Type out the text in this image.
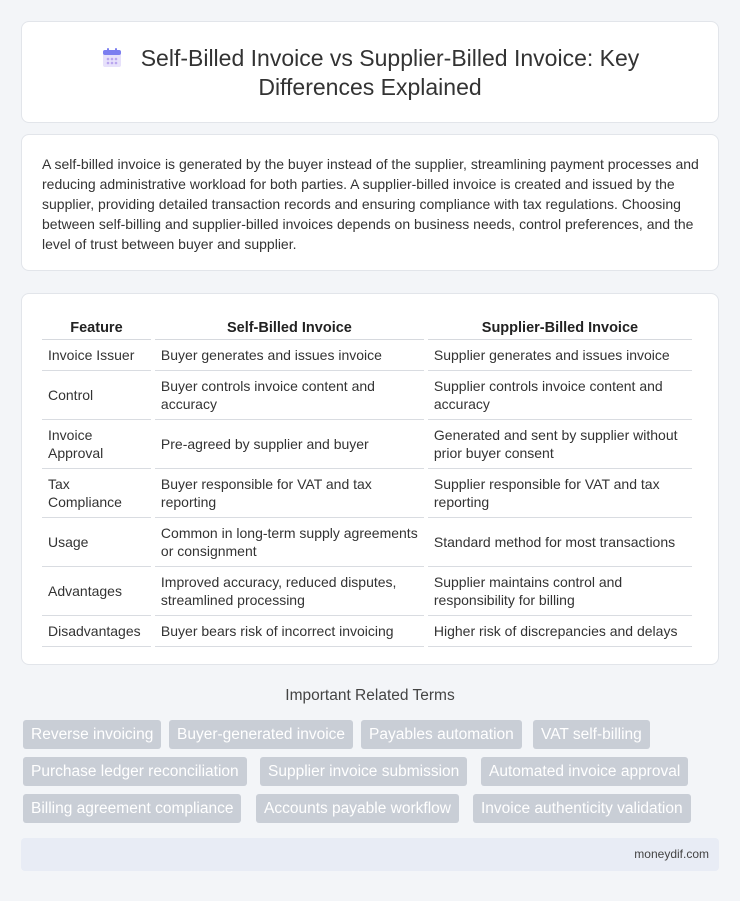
Self-Billed Invoice vs Supplier-Billed Invoice: Key
Differences Explained

A self-billed invoice is generated by the buyer instead of the supplier, streamlining payment processes and reducing administrative workload for both parties. A supplier-billed invoice is created and issued by the supplier, providing detailed transaction records and ensuring compliance with tax regulations. Choosing between self-billing and supplier-billed invoices depends on business needs, control preferences, and the level of trust between buyer and supplier.

Feature	Self-Billed Invoice	Supplier-Billed Invoice
Invoice Issuer	Buyer generates and issues invoice	Supplier generates and issues invoice
Control	Buyer controls invoice content and accuracy	Supplier controls invoice content and accuracy
Invoice Approval	Pre-agreed by supplier and buyer	Generated and sent by supplier without prior buyer consent
Tax Compliance	Buyer responsible for VAT and tax reporting	Supplier responsible for VAT and tax reporting
Usage	Common in long-term supply agreements or consignment	Standard method for most transactions
Advantages	Improved accuracy, reduced disputes, streamlined processing	Supplier maintains control and responsibility for billing
Disadvantages	Buyer bears risk of incorrect invoicing	Higher risk of discrepancies and delays
Important Related Terms
Reverse invoicing	Buyer-generated invoice	Payables automation	VAT self-billing
Purchase ledger reconciliation	Supplier invoice submission	Automated invoice approval
Billing agreement compliance	Accounts payable workflow	Invoice authenticity validation
moneydif.com
